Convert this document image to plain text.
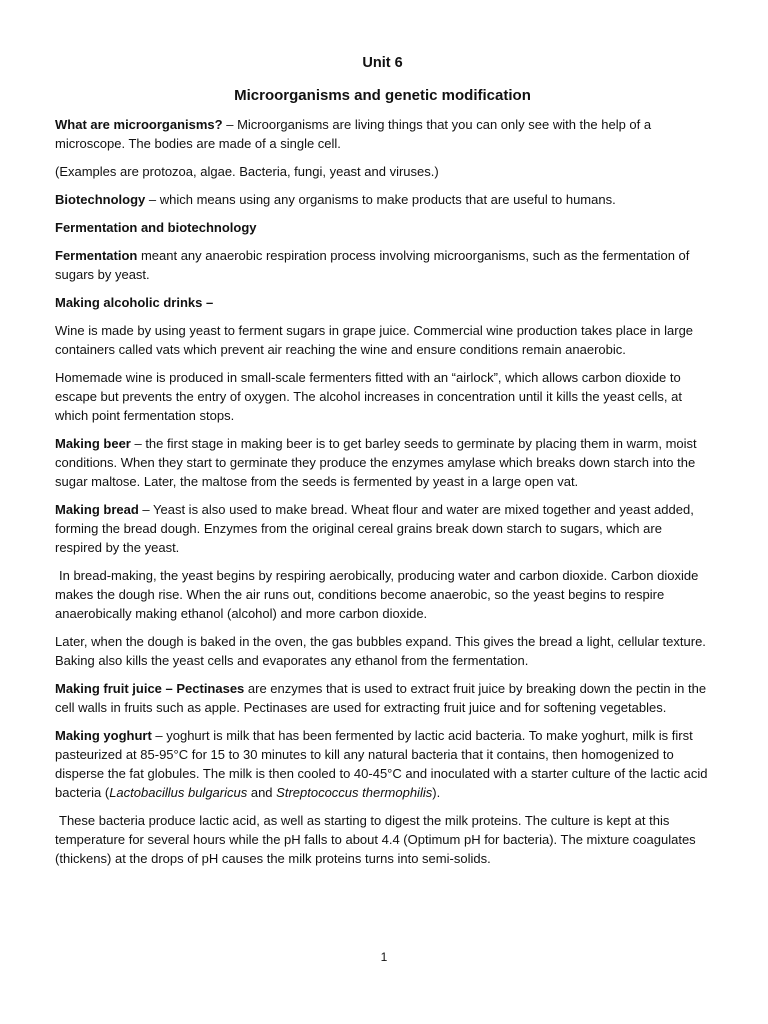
Unit 6
Microorganisms and genetic modification

What are microorganisms? – Microorganisms are living things that you can only see with the help of a microscope. The bodies are made of a single cell.

(Examples are protozoa, algae. Bacteria, fungi, yeast and viruses.)

Biotechnology – which means using any organisms to make products that are useful to humans.

Fermentation and biotechnology

Fermentation meant any anaerobic respiration process involving microorganisms, such as the fermentation of sugars by yeast.

Making alcoholic drinks –

Wine is made by using yeast to ferment sugars in grape juice. Commercial wine production takes place in large containers called vats which prevent air reaching the wine and ensure conditions remain anaerobic.

Homemade wine is produced in small-scale fermenters fitted with an “airlock”, which allows carbon dioxide to escape but prevents the entry of oxygen. The alcohol increases in concentration until it kills the yeast cells, at which point fermentation stops.

Making beer – the first stage in making beer is to get barley seeds to germinate by placing them in warm, moist conditions. When they start to germinate they produce the enzymes amylase which breaks down starch into the sugar maltose. Later, the maltose from the seeds is fermented by yeast in a large open vat.

Making bread – Yeast is also used to make bread. Wheat flour and water are mixed together and yeast added, forming the bread dough. Enzymes from the original cereal grains break down starch to sugars, which are respired by the yeast.

In bread-making, the yeast begins by respiring aerobically, producing water and carbon dioxide. Carbon dioxide makes the dough rise. When the air runs out, conditions become anaerobic, so the yeast begins to respire anaerobically making ethanol (alcohol) and more carbon dioxide.

Later, when the dough is baked in the oven, the gas bubbles expand. This gives the bread a light, cellular texture. Baking also kills the yeast cells and evaporates any ethanol from the fermentation.

Making fruit juice – Pectinases are enzymes that is used to extract fruit juice by breaking down the pectin in the cell walls in fruits such as apple. Pectinases are used for extracting fruit juice and for softening vegetables.

Making yoghurt – yoghurt is milk that has been fermented by lactic acid bacteria. To make yoghurt, milk is first pasteurized at 85-95°C for 15 to 30 minutes to kill any natural bacteria that it contains, then homogenized to disperse the fat globules. The milk is then cooled to 40-45°C and inoculated with a starter culture of the lactic acid bacteria (Lactobacillus bulgaricus and Streptococcus thermophilis).

These bacteria produce lactic acid, as well as starting to digest the milk proteins. The culture is kept at this temperature for several hours while the pH falls to about 4.4 (Optimum pH for bacteria). The mixture coagulates (thickens) at the drops of pH causes the milk proteins turns into semi-solids.

1
